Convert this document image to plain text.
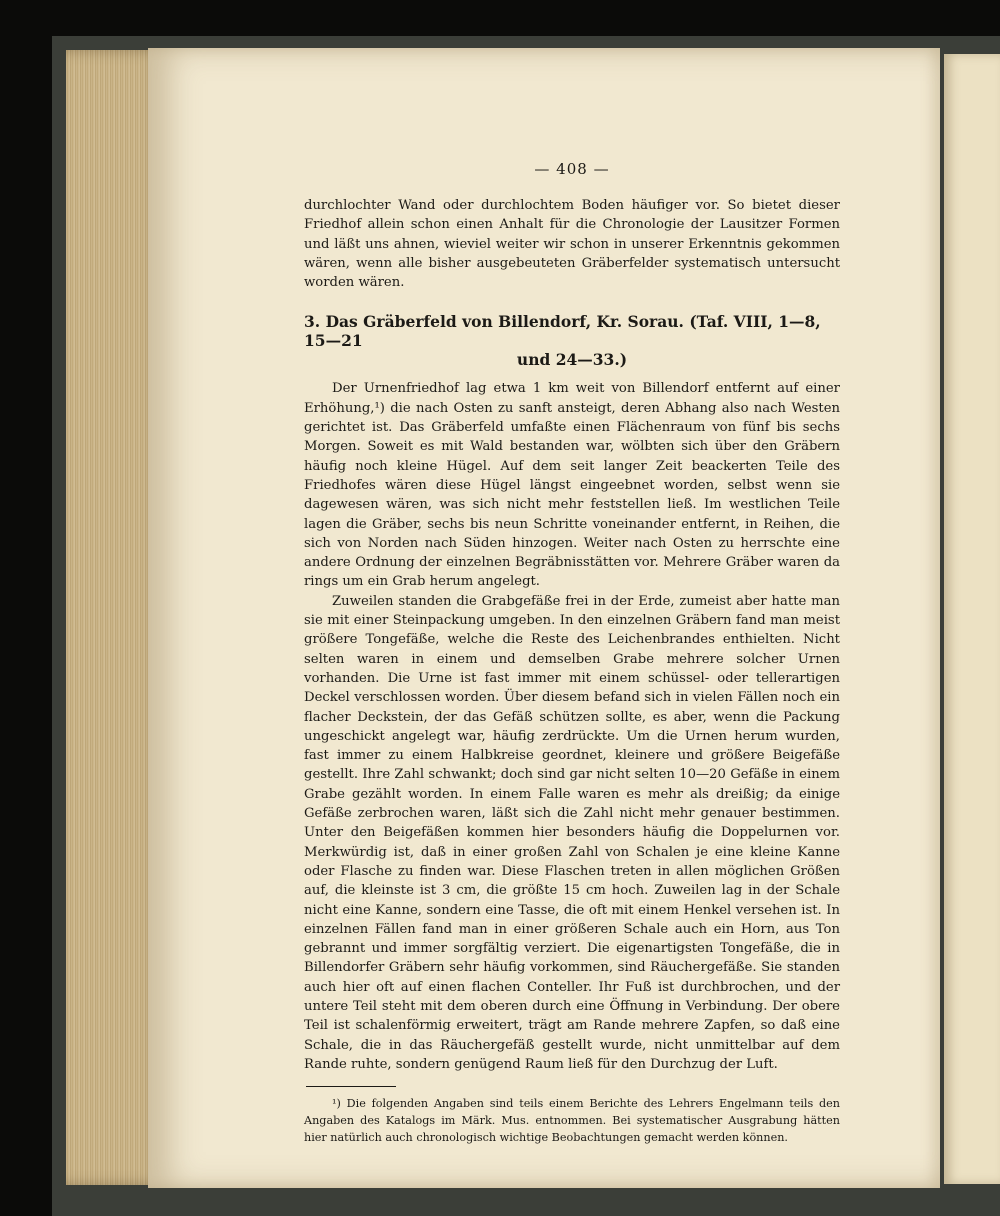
— 408 —

durchlochter Wand oder durchlochtem Boden häufiger vor. So bietet dieser Friedhof allein schon einen Anhalt für die Chronologie der Lausitzer Formen und läßt uns ahnen, wieviel weiter wir schon in unserer Erkenntnis gekommen wären, wenn alle bisher ausgebeuteten Gräberfelder systematisch untersucht worden wären.

3. Das Gräberfeld von Billendorf, Kr. Sorau. (Taf. VIII, 1—8, 15—21
und 24—33.)

Der Urnenfriedhof lag etwa 1 km weit von Billendorf entfernt auf einer Erhöhung,¹) die nach Osten zu sanft ansteigt, deren Abhang also nach Westen gerichtet ist. Das Gräberfeld umfaßte einen Flächenraum von fünf bis sechs Morgen. Soweit es mit Wald bestanden war, wölbten sich über den Gräbern häufig noch kleine Hügel. Auf dem seit langer Zeit beackerten Teile des Friedhofes wären diese Hügel längst eingeebnet worden, selbst wenn sie dagewesen wären, was sich nicht mehr feststellen ließ. Im westlichen Teile lagen die Gräber, sechs bis neun Schritte voneinander entfernt, in Reihen, die sich von Norden nach Süden hinzogen. Weiter nach Osten zu herrschte eine andere Ordnung der einzelnen Begräbnisstätten vor. Mehrere Gräber waren da rings um ein Grab herum angelegt.

Zuweilen standen die Grabgefäße frei in der Erde, zumeist aber hatte man sie mit einer Steinpackung umgeben. In den einzelnen Gräbern fand man meist größere Tongefäße, welche die Reste des Leichenbrandes enthielten. Nicht selten waren in einem und demselben Grabe mehrere solcher Urnen vorhanden. Die Urne ist fast immer mit einem schüssel- oder tellerartigen Deckel verschlossen worden. Über diesem befand sich in vielen Fällen noch ein flacher Deckstein, der das Gefäß schützen sollte, es aber, wenn die Packung ungeschickt angelegt war, häufig zerdrückte. Um die Urnen herum wurden, fast immer zu einem Halbkreise geordnet, kleinere und größere Beigefäße gestellt. Ihre Zahl schwankt; doch sind gar nicht selten 10—20 Gefäße in einem Grabe gezählt worden. In einem Falle waren es mehr als dreißig; da einige Gefäße zerbrochen waren, läßt sich die Zahl nicht mehr genauer bestimmen. Unter den Beigefäßen kommen hier besonders häufig die Doppelurnen vor. Merkwürdig ist, daß in einer großen Zahl von Schalen je eine kleine Kanne oder Flasche zu finden war. Diese Flaschen treten in allen möglichen Größen auf, die kleinste ist 3 cm, die größte 15 cm hoch. Zuweilen lag in der Schale nicht eine Kanne, sondern eine Tasse, die oft mit einem Henkel versehen ist. In einzelnen Fällen fand man in einer größeren Schale auch ein Horn, aus Ton gebrannt und immer sorgfältig verziert. Die eigenartigsten Tongefäße, die in Billendorfer Gräbern sehr häufig vorkommen, sind Räuchergefäße. Sie standen auch hier oft auf einen flachen Conteller. Ihr Fuß ist durchbrochen, und der untere Teil steht mit dem oberen durch eine Öffnung in Verbindung. Der obere Teil ist schalenförmig erweitert, trägt am Rande mehrere Zapfen, so daß eine Schale, die in das Räuchergefäß gestellt wurde, nicht unmittelbar auf dem Rande ruhte, sondern genügend Raum ließ für den Durchzug der Luft.

¹) Die folgenden Angaben sind teils einem Berichte des Lehrers Engelmann teils den Angaben des Katalogs im Märk. Mus. entnommen. Bei systematischer Ausgrabung hätten hier natürlich auch chronologisch wichtige Beobachtungen gemacht werden können.
